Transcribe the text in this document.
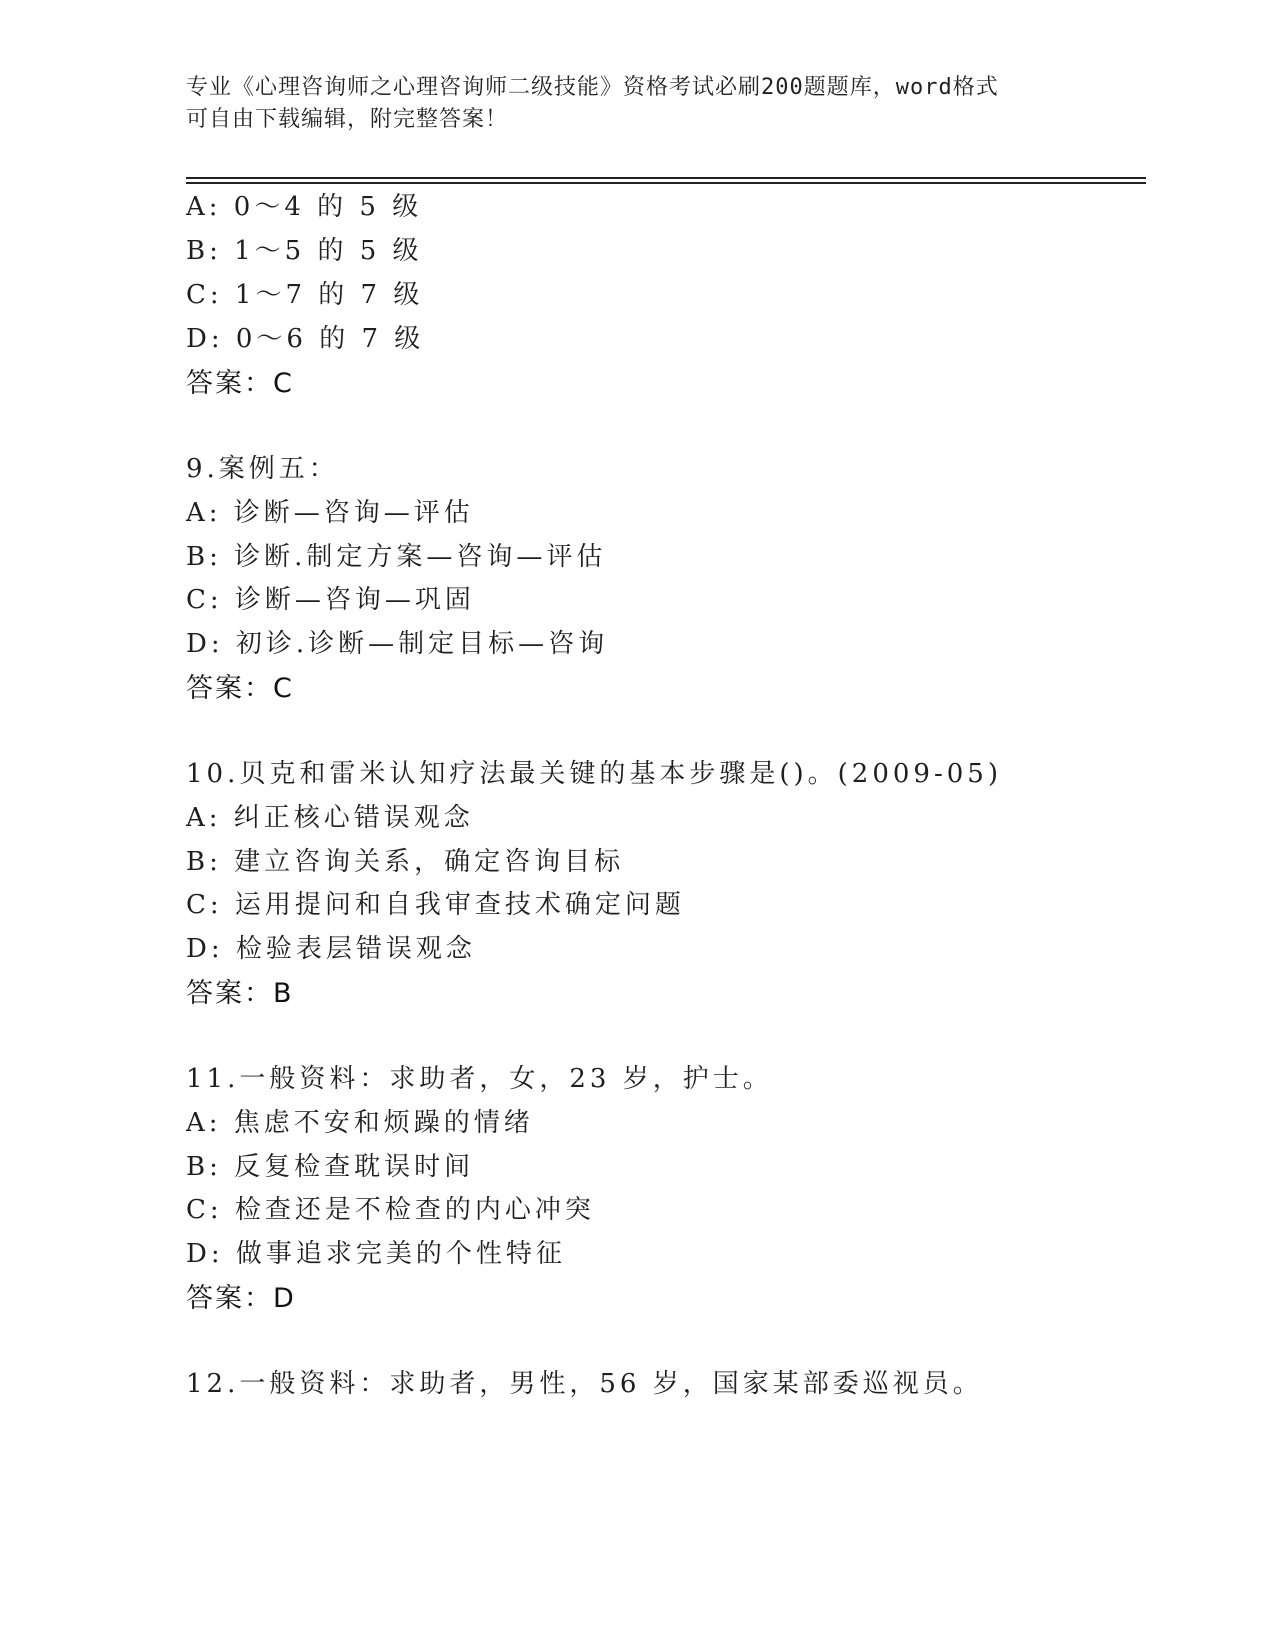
专业《心理咨询师之心理咨询师二级技能》资格考试必刷200题题库，word格式
可自由下载编辑，附完整答案！
A: 0～4 的 5 级
B: 1～5 的 5 级
C: 1～7 的 7 级
D: 0～6 的 7 级
答案：C
9.案例五：
A: 诊断—咨询—评估
B: 诊断.制定方案—咨询—评估
C: 诊断—咨询—巩固
D: 初诊.诊断—制定目标—咨询
答案：C
10.贝克和雷米认知疗法最关键的基本步骤是()。(2009-05)
A: 纠正核心错误观念
B: 建立咨询关系，确定咨询目标
C: 运用提问和自我审查技术确定问题
D: 检验表层错误观念
答案：B
11.一般资料：求助者，女，23 岁，护士。
A: 焦虑不安和烦躁的情绪
B: 反复检查耽误时间
C: 检查还是不检查的内心冲突
D: 做事追求完美的个性特征
答案：D
12.一般资料：求助者，男性，56 岁，国家某部委巡视员。
